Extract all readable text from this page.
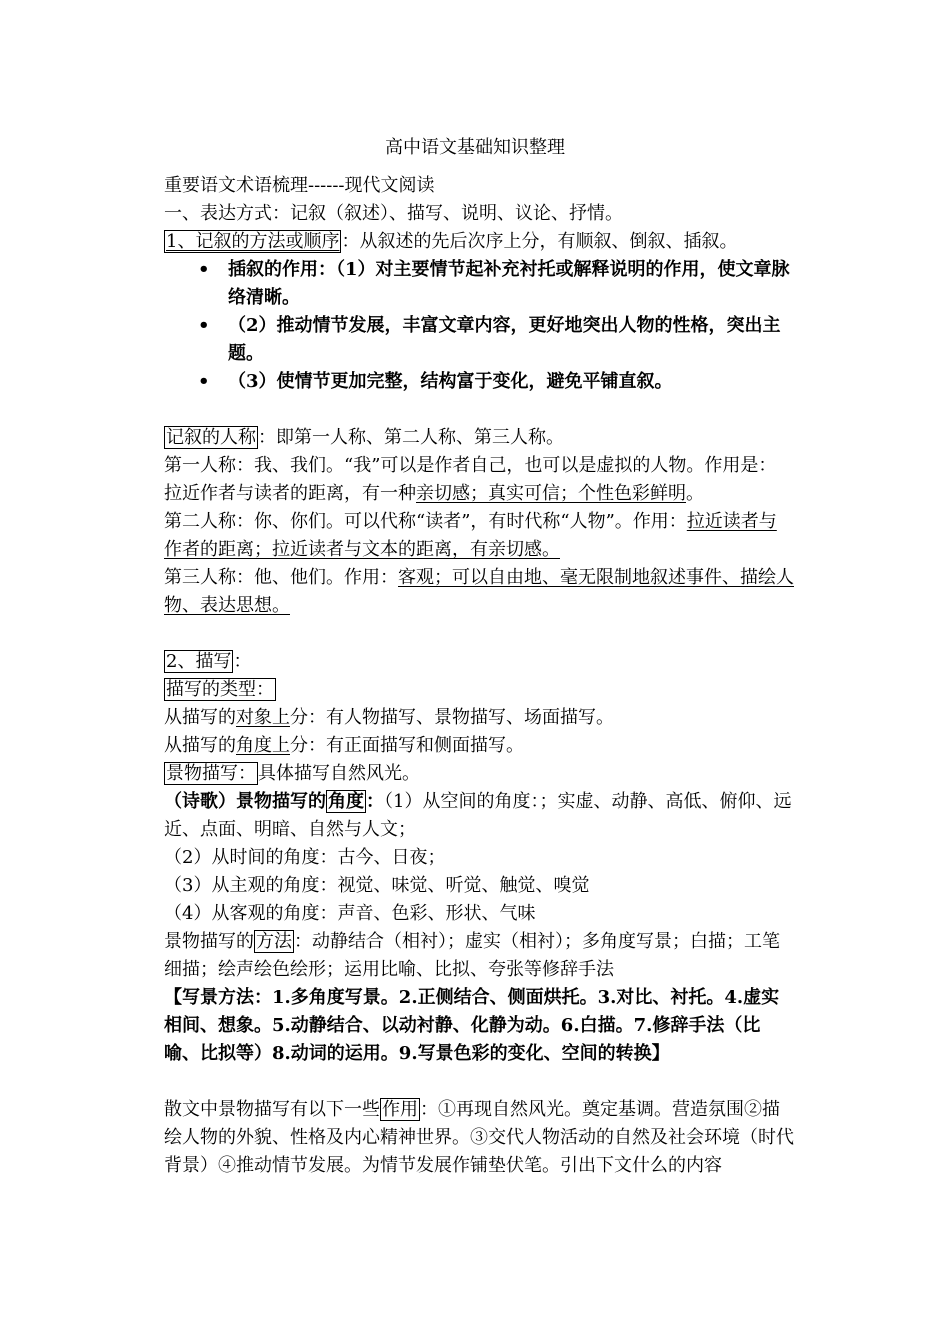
高中语文基础知识整理
重要语文术语梳理------现代文阅读
一、表达方式：记叙（叙述）、描写、说明、议论、抒情。
1、记叙的方法或顺序 ：从叙述的先后次序上分，有顺叙、倒叙、插叙。
• 插叙的作用：（1）对主要情节起补充衬托或解释说明的作用，使文章脉络清晰。
• （2）推动情节发展，丰富文章内容，更好地突出人物的性格，突出主题。
• （3）使情节更加完整，结构富于变化，避免平铺直叙。
记叙的人称 ：即第一人称、第二人称、第三人称。
第一人称：我、我们。“我”可以是作者自己，也可以是虚拟的人物。作用是：拉近作者与读者的距离，有一种亲切感；真实可信；个性色彩鲜明。
第二人称：你、你们。可以代称“读者”，有时代称“人物”。作用：拉近读者与作者的距离；拉近读者与文本的距离，有亲切感。
第三人称：他、他们。作用：客观；可以自由地、毫无限制地叙述事件、描绘人物、表达思想。
2、描写 ：
描写的类型：
从描写的对象上分：有人物描写、景物描写、场面描写。
从描写的角度上分：有正面描写和侧面描写。
景物描写： 具体描写自然风光。
（诗歌）景物描写的 角度 ：（1）从空间的角度：；实虚、动静、高低、俯仰、远近、点面、明暗、自然与人文；
（2）从时间的角度：古今、日夜；
（3）从主观的角度：视觉、味觉、听觉、触觉、嗅觉
（4）从客观的角度：声音、色彩、形状、气味
景物描写的 方法 ：动静结合（相衬）；虚实（相衬）；多角度写景；白描；工笔细描；绘声绘色绘形；运用比喻、比拟、夸张等修辞手法
【写景方法：1.多角度写景。2.正侧结合、侧面烘托。3.对比、衬托。4.虚实相间、想象。5.动静结合、以动衬静、化静为动。6.白描。7.修辞手法（比喻、比拟等）8.动词的运用。9.写景色彩的变化、空间的转换】
散文中景物描写有以下一些 作用 ：①再现自然风光。奠定基调。营造氛围②描绘人物的外貌、性格及内心精神世界。③交代人物活动的自然及社会环境（时代背景）④推动情节发展。为情节发展作铺垫伏笔。引出下文什么的内容
